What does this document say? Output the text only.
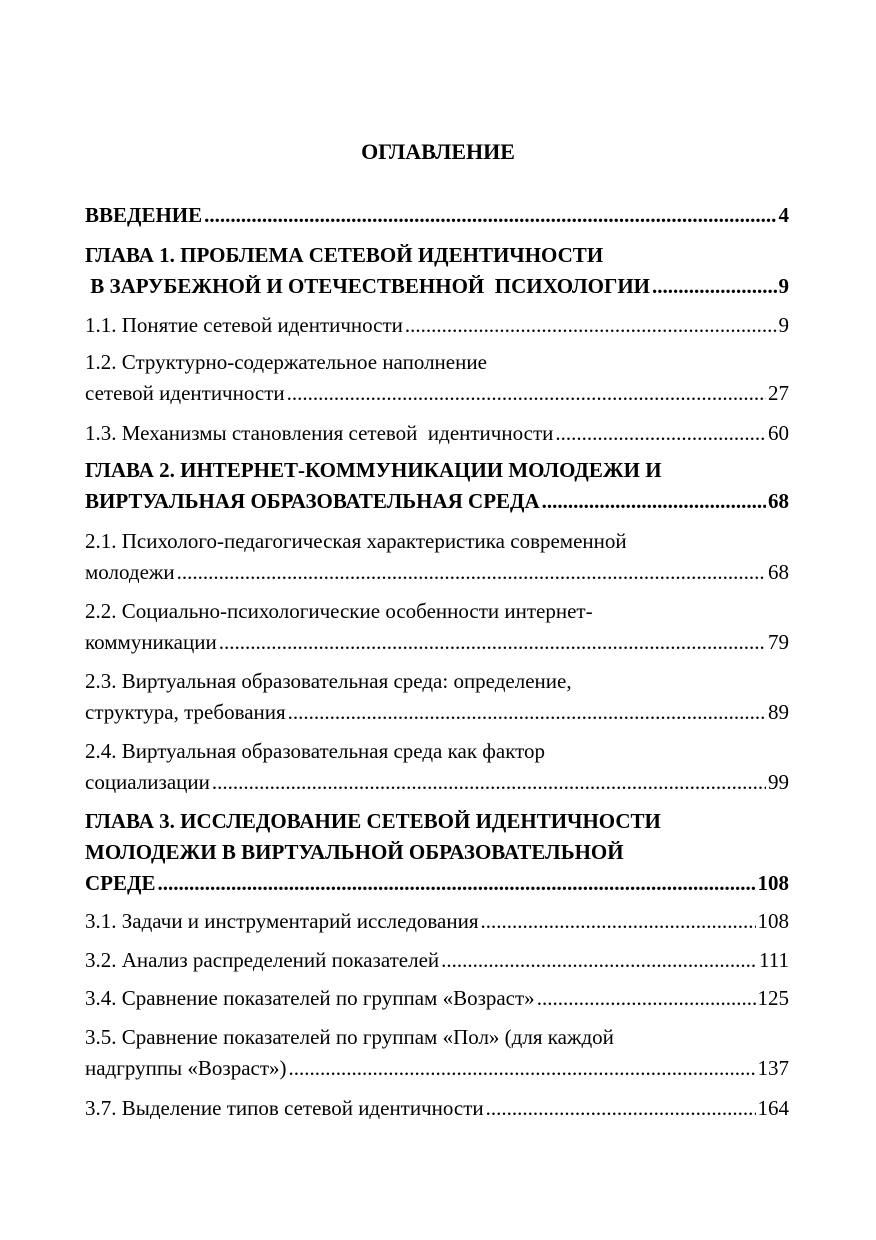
ОГЛАВЛЕНИЕ
ВВЕДЕНИЕ .....	4
ГЛАВА 1. ПРОБЛЕМА СЕТЕВОЙ ИДЕНТИЧНОСТИ
В ЗАРУБЕЖНОЙ И ОТЕЧЕСТВЕННОЙ  ПСИХОЛОГИИ .....	9
1.1. Понятие сетевой идентичности .....	9
1.2. Структурно-содержательное наполнение
сетевой идентичности .....	27
1.3. Механизмы становления сетевой  идентичности .....	60
ГЛАВА 2. ИНТЕРНЕТ-КОММУНИКАЦИИ МОЛОДЕЖИ И
ВИРТУАЛЬНАЯ ОБРАЗОВАТЕЛЬНАЯ СРЕДА .....	68
2.1. Психолого-педагогическая характеристика современной
молодежи .....	68
2.2. Социально-психологические особенности интернет-
коммуникации .....	79
2.3. Виртуальная образовательная среда: определение,
структура, требования .....	89
2.4. Виртуальная образовательная среда как фактор
социализации .....	99
ГЛАВА 3. ИССЛЕДОВАНИЕ СЕТЕВОЙ ИДЕНТИЧНОСТИ
МОЛОДЕЖИ В ВИРТУАЛЬНОЙ ОБРАЗОВАТЕЛЬНОЙ
СРЕДЕ .....	108
3.1. Задачи и инструментарий исследования .....	108
3.2. Анализ распределений показателей .....	111
3.4. Сравнение показателей по группам «Возраст» .....	125
3.5. Сравнение показателей по группам «Пол» (для каждой
надгруппы «Возраст») .....	137
3.7. Выделение типов сетевой идентичности .....	164
